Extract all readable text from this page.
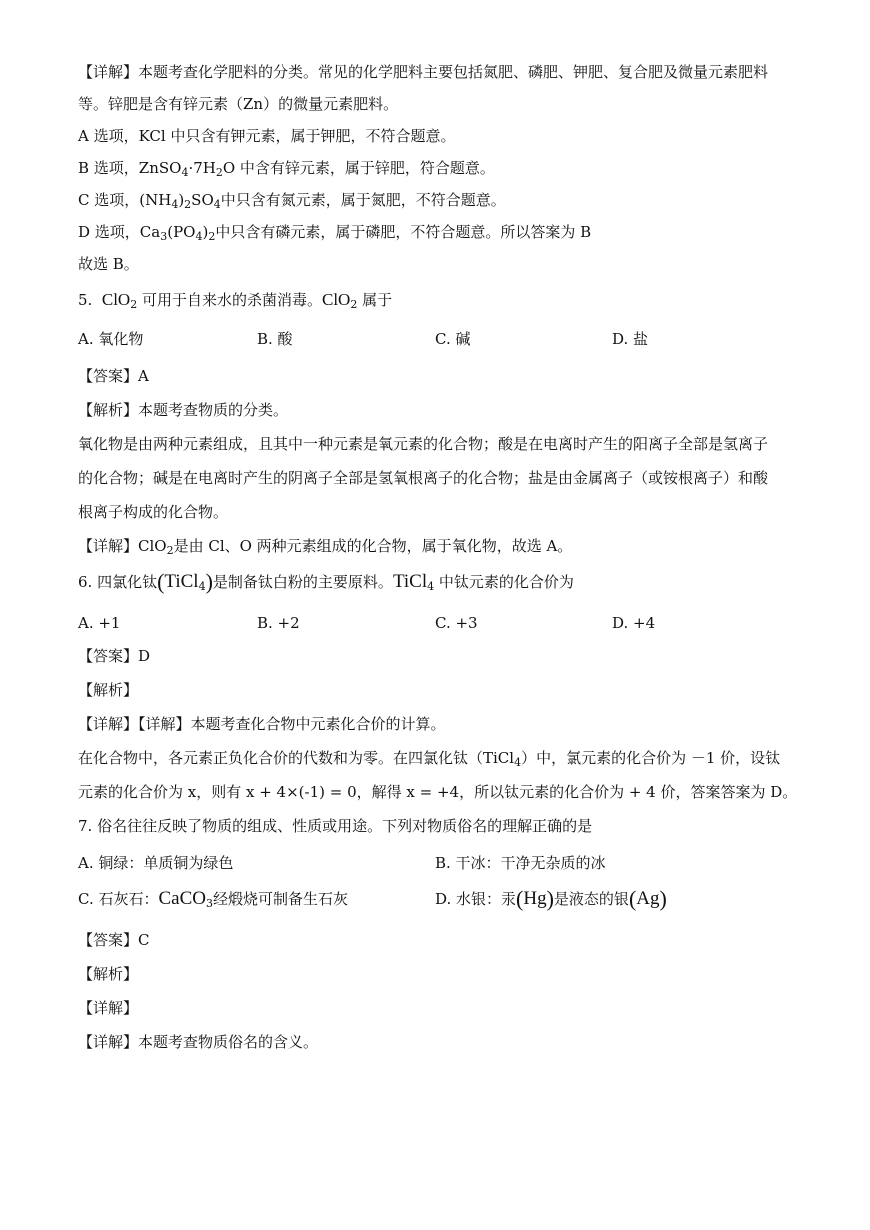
【详解】本题考查化学肥料的分类。常见的化学肥料主要包括氮肥、磷肥、钾肥、复合肥及微量元素肥料
等。锌肥是含有锌元素（Zn）的微量元素肥料。
A 选项，KCl 中只含有钾元素，属于钾肥，不符合题意。
B 选项，$ZnSO_4\cdot 7H_2O$ 中含有锌元素，属于锌肥，符合题意。
C 选项，$(NH_4)_2SO_4$中只含有氮元素，属于氮肥，不符合题意。
D 选项，$Ca_3(PO_4)_2$中只含有磷元素，属于磷肥，不符合题意。所以答案为 B
故选 B。
5. ClO$_2$ 可用于自来水的杀菌消毒。ClO$_2$ 属于
A. 氧化物	B. 酸	C. 碱	D. 盐
【答案】A
【解析】本题考查物质的分类。
氧化物是由两种元素组成，且其中一种元素是氧元素的化合物；酸是在电离时产生的阳离子全部是氢离子
的化合物；碱是在电离时产生的阴离子全部是氢氧根离子的化合物；盐是由金属离子（或铵根离子）和酸
根离子构成的化合物。
【详解】ClO$_2$是由 Cl、O 两种元素组成的化合物，属于氧化物，故选 A。
6. 四氯化钛(TiCl$_4$)是制备钛白粉的主要原料。TiCl$_4$ 中钛元素的化合价为
A. +1	B. +2	C. +3	D. +4
【答案】D
【解析】
【详解】【详解】本题考查化合物中元素化合价的计算。
在化合物中，各元素正负化合价的代数和为零。在四氯化钛（TiCl$_4$）中，氯元素的化合价为 －1 价，设钛
元素的化合价为 x，则有 x + 4×(-1) = 0，解得 x = +4，所以钛元素的化合价为 + 4 价，答案答案为 D。
7. 俗名往往反映了物质的组成、性质或用途。下列对物质俗名的理解正确的是
A. 铜绿：单质铜为绿色	B. 干冰：干净无杂质的冰
C. 石灰石：CaCO$_3$经煅烧可制备生石灰	D. 水银：汞(Hg)是液态的银(Ag)
【答案】C
【解析】
【详解】
【详解】本题考查物质俗名的含义。
